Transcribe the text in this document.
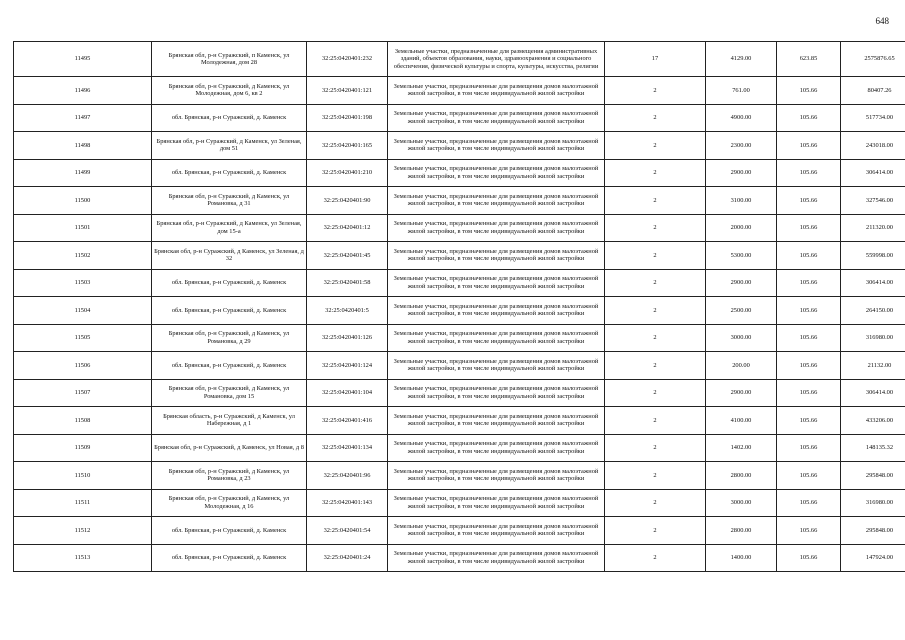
648
11495	Брянская обл, р-н Суражский, п Каменск, ул Молодежная, дом 28	32:25:0420401:232	Земельные участки, предназначенные для размещения административных зданий, объектов образования, науки, здравоохранения и социального обеспечения, физической культуры и спорта, культуры, искусства, религии	17	4129.00	623.85	2575876.65
11496	Брянская обл, р-н Суражский, д Каменск, ул Молодежная, дом 6, кв 2	32:25:0420401:121	Земельные участки, предназначенные для размещения домов малоэтажной жилой застройки, в том числе индивидуальной жилой застройки	2	761.00	105.66	80407.26
11497	обл. Брянская, р-н Суражский, д. Каменск	32:25:0420401:198	Земельные участки, предназначенные для размещения домов малоэтажной жилой застройки, в том числе индивидуальной жилой застройки	2	4900.00	105.66	517734.00
11498	Брянская обл, р-н Суражский, д Каменск, ул Зеленая, дом 51	32:25:0420401:165	Земельные участки, предназначенные для размещения домов малоэтажной жилой застройки, в том числе индивидуальной жилой застройки	2	2300.00	105.66	243018.00
11499	обл. Брянская, р-н Суражский, д. Каменск	32:25:0420401:210	Земельные участки, предназначенные для размещения домов малоэтажной жилой застройки, в том числе индивидуальной жилой застройки	2	2900.00	105.66	306414.00
11500	Брянская обл, р-н Суражский, д Каменск, ул Романовка, д 31	32:25:0420401:90	Земельные участки, предназначенные для размещения домов малоэтажной жилой застройки, в том числе индивидуальной жилой застройки	2	3100.00	105.66	327546.00
11501	Брянская обл, р-н Суражский, д Каменск, ул Зеленая, дом 15-а	32:25:0420401:12	Земельные участки, предназначенные для размещения домов малоэтажной жилой застройки, в том числе индивидуальной жилой застройки	2	2000.00	105.66	211320.00
11502	Брянская обл, р-н Суражский, д Каменск, ул Зеленая, д 32	32:25:0420401:45	Земельные участки, предназначенные для размещения домов малоэтажной жилой застройки, в том числе индивидуальной жилой застройки	2	5300.00	105.66	559998.00
11503	обл. Брянская, р-н Суражский, д. Каменск	32:25:0420401:58	Земельные участки, предназначенные для размещения домов малоэтажной жилой застройки, в том числе индивидуальной жилой застройки	2	2900.00	105.66	306414.00
11504	обл. Брянская, р-н Суражский, д. Каменск	32:25:0420401:5	Земельные участки, предназначенные для размещения домов малоэтажной жилой застройки, в том числе индивидуальной жилой застройки	2	2500.00	105.66	264150.00
11505	Брянская обл, р-н Суражский, д Каменск, ул Романовка, д 29	32:25:0420401:126	Земельные участки, предназначенные для размещения домов малоэтажной жилой застройки, в том числе индивидуальной жилой застройки	2	3000.00	105.66	316980.00
11506	обл. Брянская, р-н Суражский, д. Каменск	32:25:0420401:124	Земельные участки, предназначенные для размещения домов малоэтажной жилой застройки, в том числе индивидуальной жилой застройки	2	200.00	105.66	21132.00
11507	Брянская обл, р-н Суражский, д Каменск, ул Романовка, дом 15	32:25:0420401:104	Земельные участки, предназначенные для размещения домов малоэтажной жилой застройки, в том числе индивидуальной жилой застройки	2	2900.00	105.66	306414.00
11508	Брянская область, р-н Суражский, д Каменск, ул Набережная, д 1	32:25:0420401:416	Земельные участки, предназначенные для размещения домов малоэтажной жилой застройки, в том числе индивидуальной жилой застройки	2	4100.00	105.66	433206.00
11509	Брянская обл, р-н Суражский, д Каменск, ул Новая, д 8	32:25:0420401:134	Земельные участки, предназначенные для размещения домов малоэтажной жилой застройки, в том числе индивидуальной жилой застройки	2	1402.00	105.66	148135.32
11510	Брянская обл, р-н Суражский, д Каменск, ул Романовка, д 23	32:25:0420401:96	Земельные участки, предназначенные для размещения домов малоэтажной жилой застройки, в том числе индивидуальной жилой застройки	2	2800.00	105.66	295848.00
11511	Брянская обл, р-н Суражский, д Каменск, ул Молодежная, д 16	32:25:0420401:143	Земельные участки, предназначенные для размещения домов малоэтажной жилой застройки, в том числе индивидуальной жилой застройки	2	3000.00	105.66	316980.00
11512	обл. Брянская, р-н Суражский, д. Каменск	32:25:0420401:54	Земельные участки, предназначенные для размещения домов малоэтажной жилой застройки, в том числе индивидуальной жилой застройки	2	2800.00	105.66	295848.00
11513	обл. Брянская, р-н Суражский, д. Каменск	32:25:0420401:24	Земельные участки, предназначенные для размещения домов малоэтажной жилой застройки, в том числе индивидуальной жилой застройки	2	1400.00	105.66	147924.00
